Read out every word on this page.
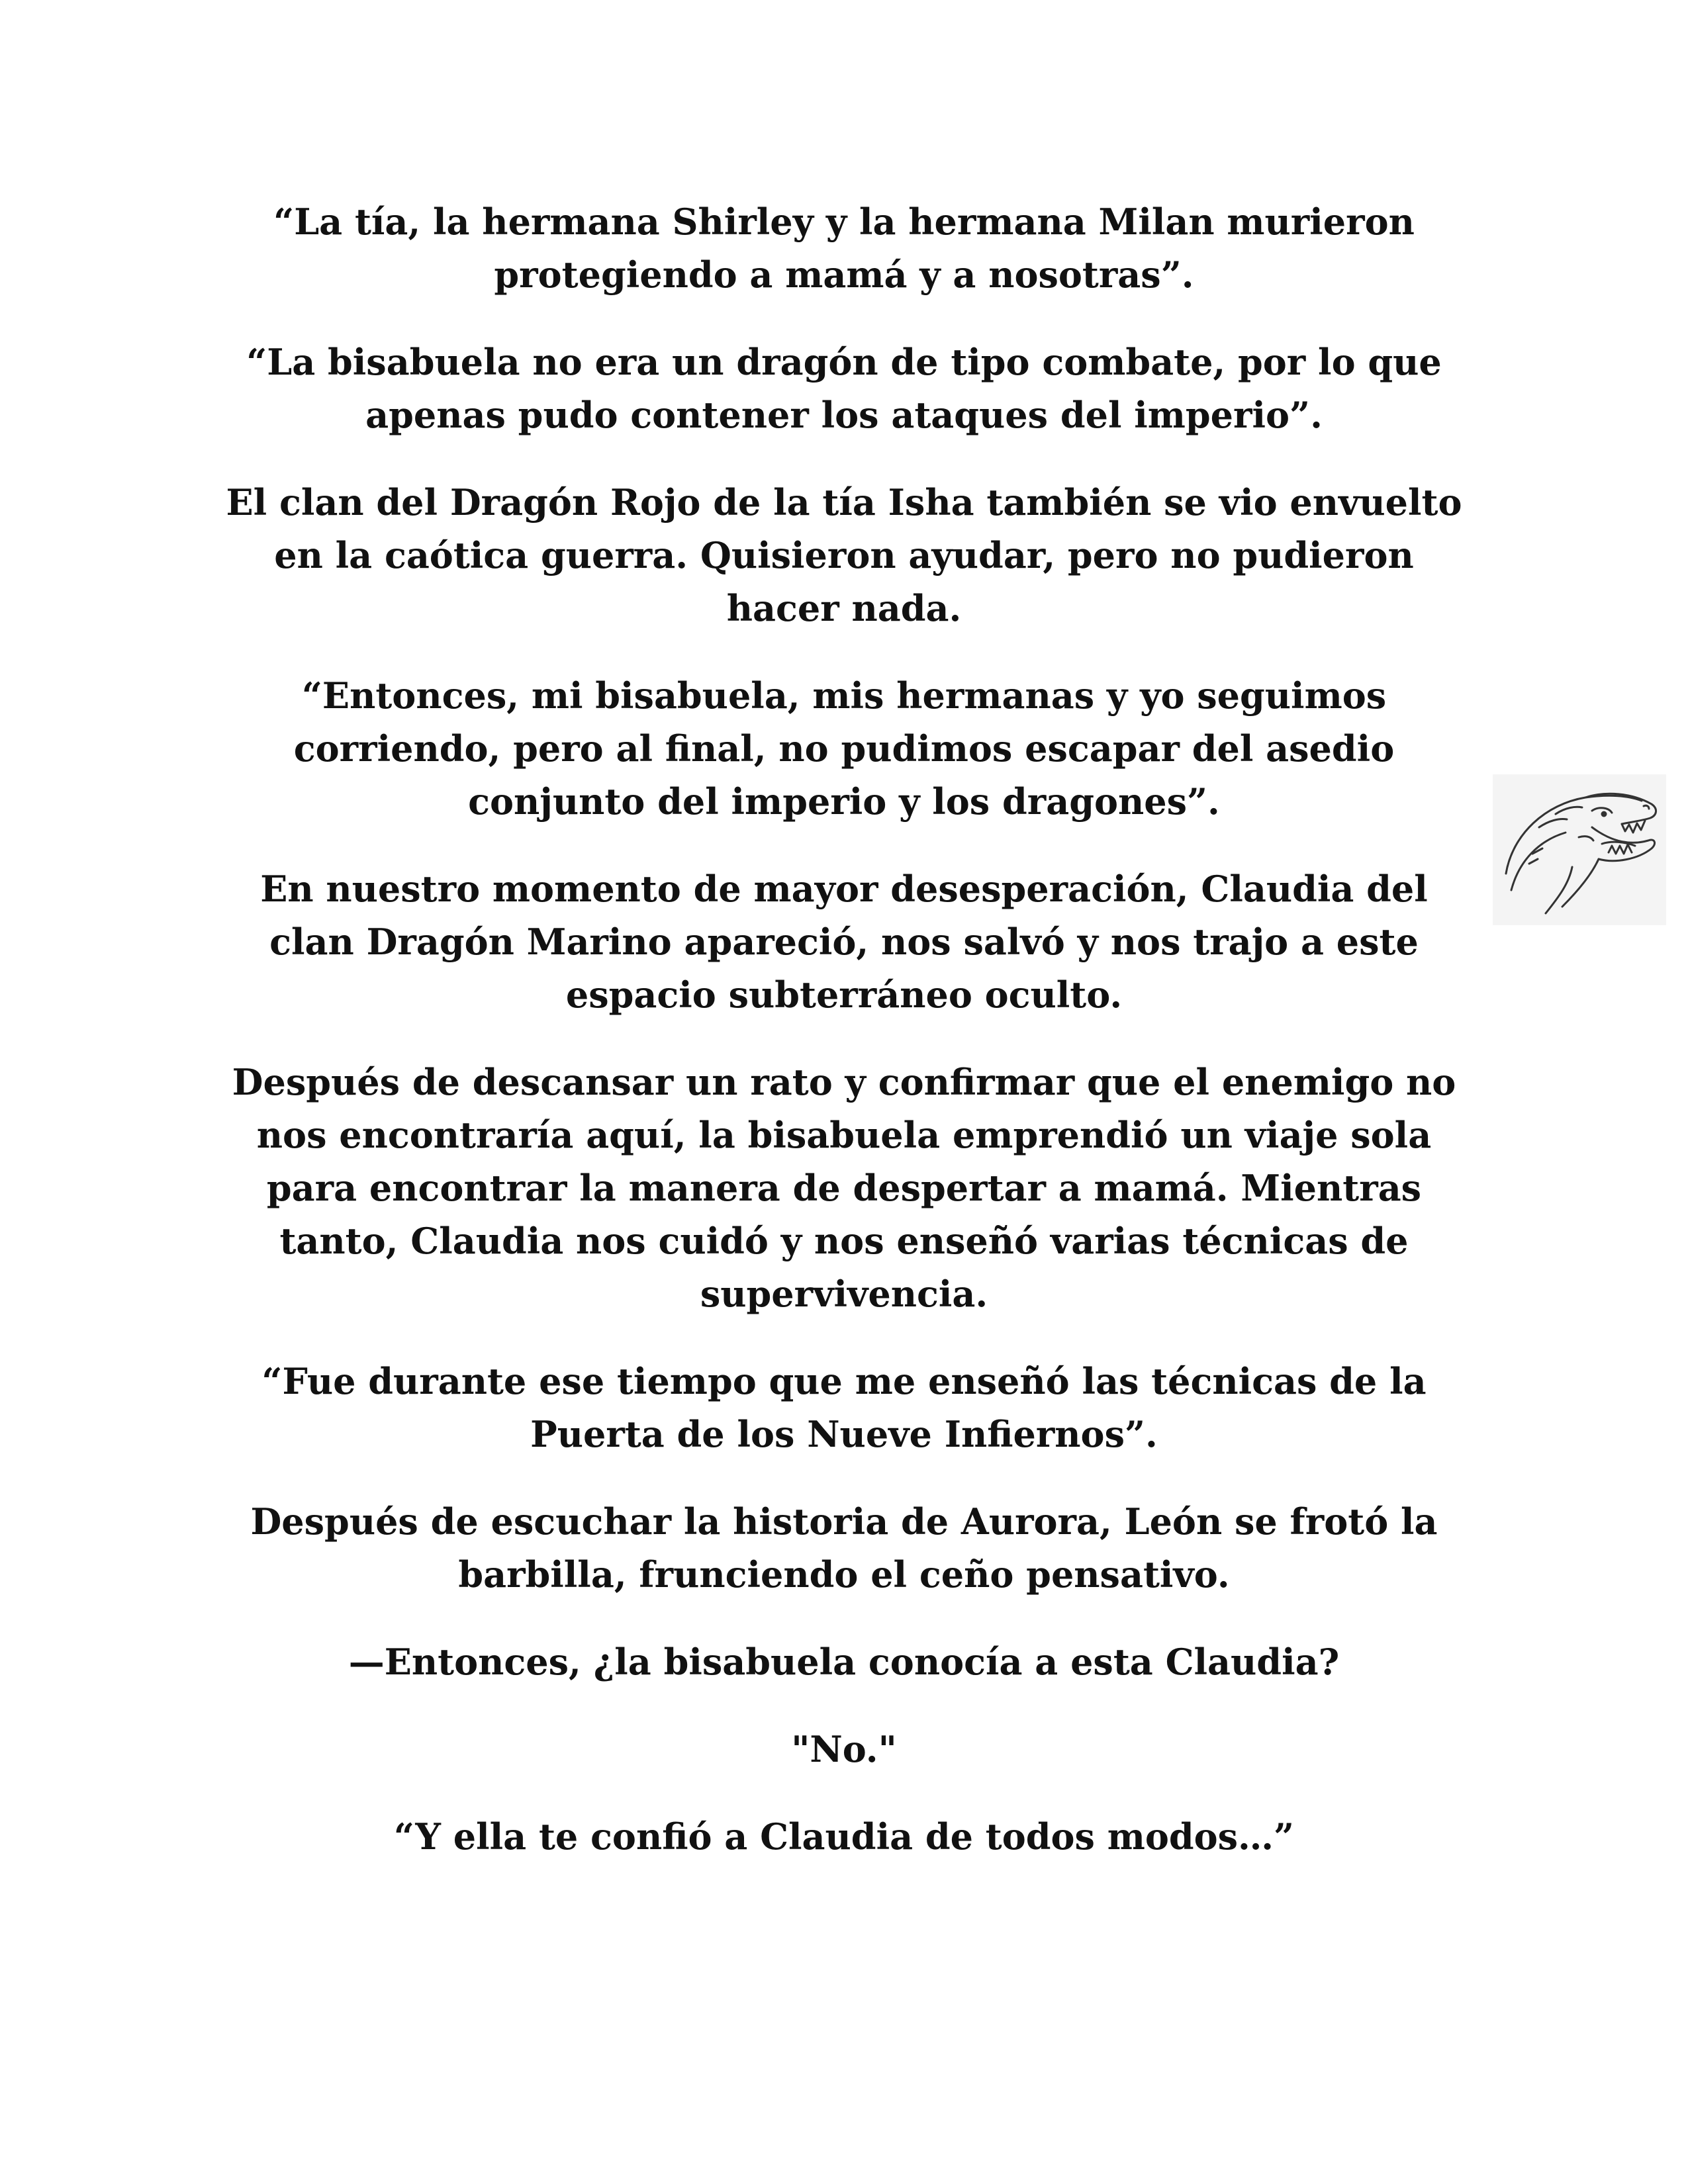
“La tía, la hermana Shirley y la hermana Milan murieron protegiendo a mamá y a nosotras”.

“La bisabuela no era un dragón de tipo combate, por lo que apenas pudo contener los ataques del imperio”.

El clan del Dragón Rojo de la tía Isha también se vio envuelto en la caótica guerra. Quisieron ayudar, pero no pudieron hacer nada.

“Entonces, mi bisabuela, mis hermanas y yo seguimos corriendo, pero al final, no pudimos escapar del asedio conjunto del imperio y los dragones”.

En nuestro momento de mayor desesperación, Claudia del clan Dragón Marino apareció, nos salvó y nos trajo a este espacio subterráneo oculto.

Después de descansar un rato y confirmar que el enemigo no nos encontraría aquí, la bisabuela emprendió un viaje sola para encontrar la manera de despertar a mamá. Mientras tanto, Claudia nos cuidó y nos enseñó varias técnicas de supervivencia.

“Fue durante ese tiempo que me enseñó las técnicas de la Puerta de los Nueve Infiernos”.

Después de escuchar la historia de Aurora, León se frotó la barbilla, frunciendo el ceño pensativo.

—Entonces, ¿la bisabuela conocía a esta Claudia?

"No."

“Y ella te confió a Claudia de todos modos…”
